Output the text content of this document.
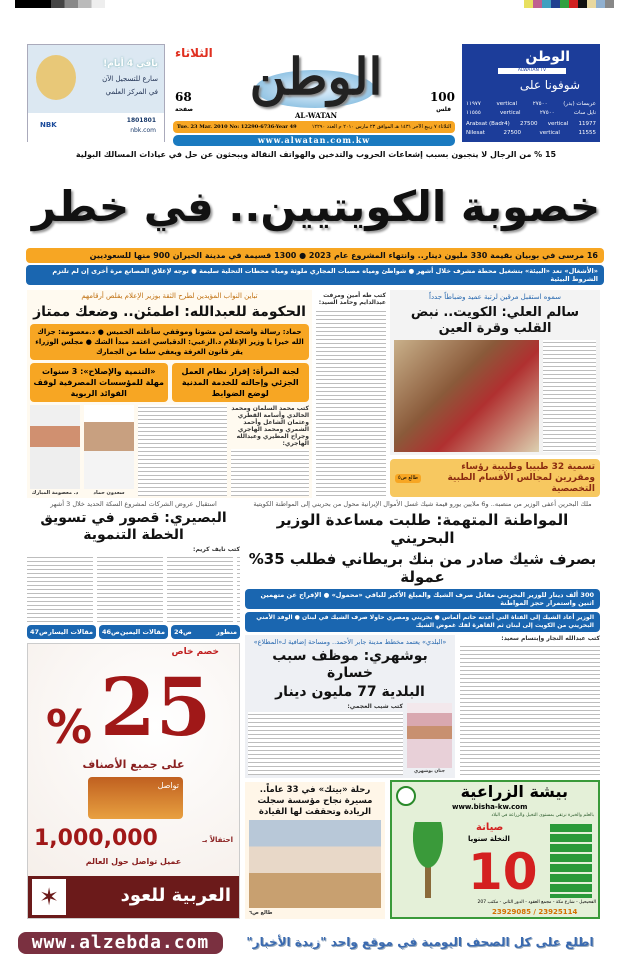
باقي 4 أيام!
سارع للتسجيل الآن
في المركز العلمي
NBK
1801801
nbk.com
الوطن
الثلاثاء
AL-WATAN
68
صفحة
100
فلس
Tue. 23 Mar. 2010 No: 12290-6736-Year 49	الثلاثاء ٧ ربيع الآخر ١٤٣١ هـ الموافق ٢٣ مارس ٢٠١٠ م العدد ١٢٢٩٠
www.alwatan.com.kw
الوطن
ALWATAN TV
شوفونا على
عربسات (بدر)
٢٧٥٠٠
vertical
١١٩٧٧
نايل سات
٢٧٥٠٠
vertical
١١٥٥٥
Arabsat (Badr4) 27500 vertical 11977
Nilesat	27500	vertical	11555
15 % من الرجال لا ينجبون بسبب إشعاعات الحروب والتدخين والهواتف النقالة ويبحثون عن حل في عيادات المسالك البولية
خصوبة الكويتيين.. في خطر
16 مرسى في بوبيان بقيمة 330 مليون دينار.. وانتهاء المشروع عام 2023 ● 1300 قسيمة في مدينة الخيران 900 منها للسعوديين
«الأشغال» تعد «البيئة» بتشغيل محطة مشرف خلال أشهر ● شواطئ ومياه مصبات المجاري ملوثة ومياه محطات التحلية سليمة ● توجه لإغلاق المصانع مرة أخرى إن لم تلتزم الشروط البيئية
سموه استقبل مرقين لرتبة عميد وضباطاً جدداً
سالم العلي: الكويت.. نبض القلب وقرة العين
كتب طه أمين ومرفت عبدالدايم وحامد السيد:
تباين النواب المؤيدين لطرح الثقة بوزير الإعلام يقلص أرقامهم
الحكومة للعبدالله: اطمئن.. وضعك ممتاز
حماد: رسالة واضحة لمن مشونا وموقفي سأعلنه الخميس ● د.معصومة: جزاك الله خيرا يا وزير الإعلام د.الزعبي: الدقباسي اعتمد مبدأ الشك ● مجلس الوزراء يقر قانون الغرفة ويعفي سلعا من الجمارك
لجنة المرأة: إقرار نظام العمل الجزئي وإحالته للخدمة المدنية لوضع الضوابط
«التنمية والإصلاح»: 3 سنوات مهلة للمؤسسات المصرفية لوقف الفوائد الربوية
كتب محمد السلمان ومحمد الخالدي وأسامة القطري وعثمان الشاعل وأحمد الشمري ومحمد الهاجري وجراح المطيري وعبدالله الهاجري:
سعدون حماد
د. معصومة المبارك
تسمية 32 طبيبا وطبيبة رؤساء ومقررين لمجالس الأقسام الطبية التخصصية
طالع ص٥
ملك البحرين أعفى الوزير من منصبه.. و6 ملايين يورو قيمة شيك غسل الأموال الإيرانية محول من بحريني إلى المواطنة الكويتية
المواطنة المتهمة: طلبت مساعدة الوزير البحريني
بصرف شيك صادر من بنك بريطاني فطلب 35% عمولة
300 ألف دينار للوزير البحريني مقابل صرف الشيك والمبلغ الأكبر للباقي «محمول» ● الإفراج عن متهمين اثنين واستمرار حجز المواطنة
الوزير أعاد الشيك إلى الفتاة التي أعدته خاتم ألماس ● بحريني ومصري حاولا صرف الشيك في لبنان ● الوفد الأمني البحريني من الكويت إلى لبنان ثم القاهرة لفك غموض الشيك
كتب عبدالله النجار وإبتسام سعيد:
«البلدي» يعتمد مخطط مدينة جابر الأحمد.. ومساحة إضافية لـ«المطلاع»
بوشهري: موظف سبب خسارة
البلدية 77 مليون دينار
جنان بوشهري
كتب شيب العجمي:
استقبال عروض الشركات لمشروع السكة الحديد خلال 3 أشهر
البصيري: قصور في تسويق الخطة التنموية
كتب نايف كريم:
منظور
ص24
مقالات اليمين
ص46
مقالات اليسار
ص47
خصم خاص
25
%
على جميع الأصناف
تواصل
احتفالاً بـ
1,000,000
عميل تواصل حول العالم
✶	العربية للعود
رحلة «بيتك» في 33 عاماً.. مسيرة نجاح مؤسسة سجلت الريادة وتحققت لها القيادة
طالع ص٦
بيشة الزراعية
www.bisha-kw.com
بالعلم والخبرة نرتقي بمستوى التخيل والزراعة في البلاد
صيانة
النخلة سنويا
10
الفحيحيل - شارع مكة - مجمع العقود - الدور الثاني - مكتب 207
23929085 / 23925114
www.alzebda.com	اطلع على كل الصحف اليومية في موقع واحد "زبدة الأخبار"
